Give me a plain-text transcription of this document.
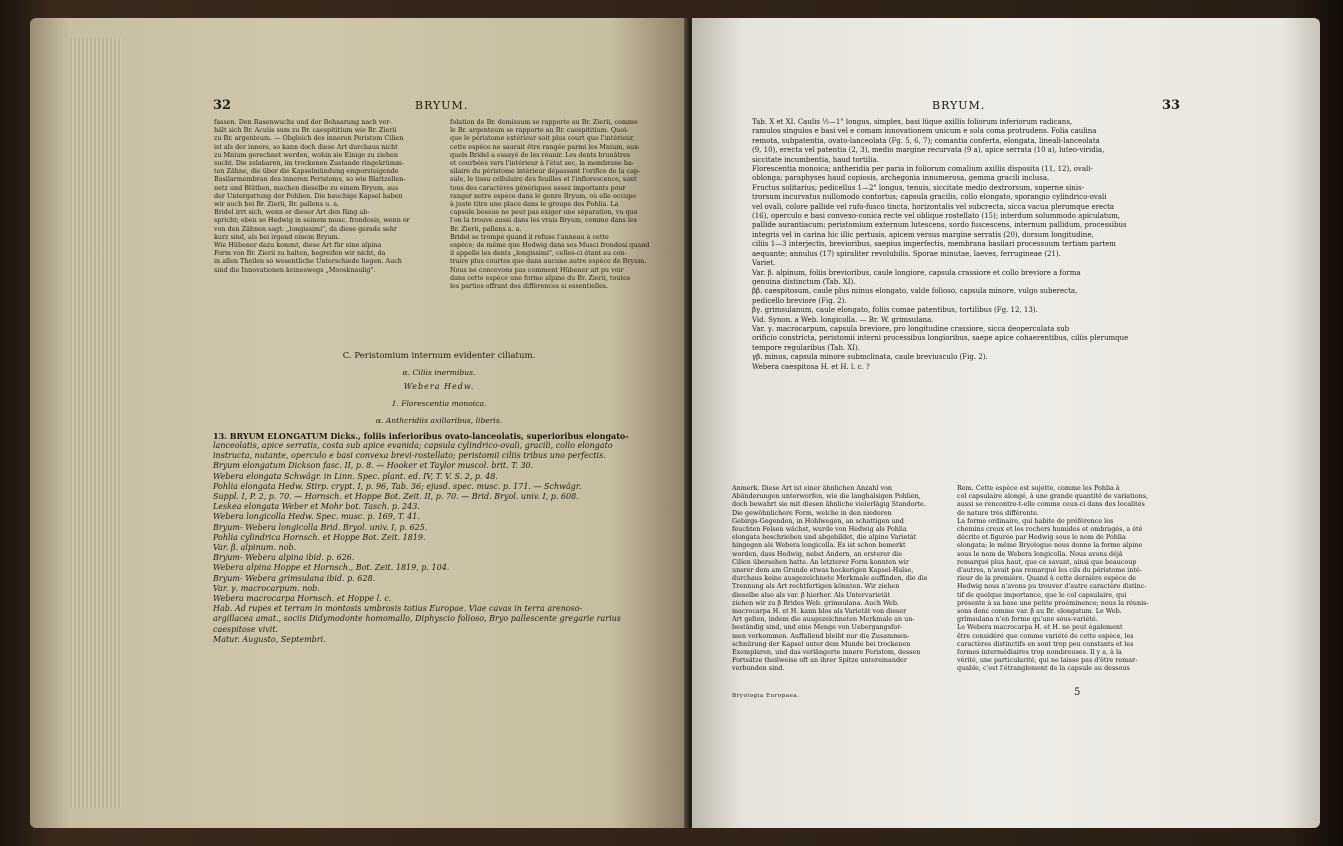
32	BRYUM.

fassen. Den Rasenwuchs und der Behaarung nach ver-

hält sich Br. Acuiis sum zu Br. caespititium wie Br. Zierii

zu Br. argenteum. — Obgleich des inneren Peristom Cilien

ist als der innere, so kann doch diese Art durchaus nicht

zu Mnium gerechnet werden, wohin sie Einige zu ziehen

sucht. Die zelabaren, im trockenen Zustande ringekrümm-

ten Zähne, die über die Kapselmündung emporsteigende

Basilarmembran des inneren Peristoms, so wie Blattzellen-

netz und Blüthen, machen dieselbe zu einem Bryum, aus

der Untergattung der Pohlien. Die bauchige Kapsel haben

wir auch bei Br. Zierii, Br. pallens u. a.

Bridel irrt sich, wenn er dieser Art den Ring ab-

spricht; eben so Hedwig in seinem musc. frondosis, wenn er

von den Zähnen sagt: „longissimi", da diese gerade sehr

kurz sind, als bei irgend einem Bryum.

Wie Hübener dazu kommt, diese Art für eine alpina

Form von Br. Zierii zu halten, begreifen wir nicht, da

in allen Theilen so wesentliche Unterschiede liegen. Auch

sind die Innovationen keineswegs „Moosknaulig".

folation de Br. demissum se rapporte au Br. Zierii, comme

le Br. argenteum se rapporte au Br. caespititium. Quoi-

que le péristome extérieur soit plus court que l'intérieur,

cette espèce ne saurait être rangée parmi les Mnium, aux-

quels Bridel a essayé de les réunir. Les dents brunâtres

et courbées vers l'intérieur à l'état sec, la membrane ba-

silaire du péristome intérieur dépassant l'orifice de la cap-

sule, le tissu cellulaire des feuilles et l'inflorescence, sont

tous des caractères génériques assez importants pour

ranger notre espèce dans le genre Bryum, où elle occupe

à juste titre une place dans le groupe des Pohlia. La

capsule bossue ne peut pas exiger une séparation, vu que

l'on la trouve aussi dans les vrais Bryum, comme dans les

Br. Zierii, pallens a. a.

Bridel se trompe quand il refuse l'anneau à cette

espèce; de même que Hedwig dans ses Musci frondosi quand

il appelle les dents „longissimi", celles-ci étant au con-

traire plus courtes que dans aucune autre espèce de Bryum.

Nous ne concevons pas comment Hübener ait pu voir

dans cette espèce une forme alpine du Br. Zierii, toutes

les parties offrant des différences si essentielles.

C. Peristomium internum evidenter ciliatum.
α. Ciliis inermibus.
Webera Hedw.
1. Florescentia monoica.
α. Anthcridiis axillaribus, liberis.
13. BRYUM ELONGATUM Dicks., foliis inferioribus ovato-lanceolatis, superioribus elongato-

lanceolatis, apice serratis, costa sub apice evanida; capsula cylindrico-ovali, gracili, collo elongato

instructa, nutante, operculo e basi convexa brevi-rostellato; peristomii ciliis tribus uno perfectis.

Bryum elongatum Dickson fasc. II, p. 8. — Hooker et Taylor muscol. brit. T. 30.

Webera elongata Schwägr. in Linn. Spec. plant. ed. IV, T. V. S. 2, p. 48.

Pohlia elongata Hedw. Stirp. crypt. I, p. 96, Tab. 36; ejusd. spec. musc. p. 171. — Schwägr.

Suppl. I, P. 2, p. 70. — Hornsch. et Hoppe Bot. Zeit. II, p. 70. — Brid. Bryol. univ. I, p. 608.

Leskea elongata Weber et Mohr bot. Tasch. p. 243.

Webera longicolla Hedw. Spec. musc. p. 169, T. 41.

Bryum- Webera longicolla Brid. Bryol. univ. I, p. 625.

Pohlia cylindrica Hornsch. et Hoppe Bot. Zeit. 1819.

Var. β. alpinum. nob.

Bryum- Webera alpina ibid. p. 626.

Webera alpina Hoppe et Hornsch., Bot. Zeit. 1819, p. 104.

Bryum- Webera grimsulana ibid. p. 628.

Var. γ. macrocarpum. nob.

Webera macrocarpa Hornsch. et Hoppe l. c.

Hab. Ad rupes et terram in montosis umbrosis totius Europae. Viae cavas in terra arenoso-

argillacea amat., sociis Didymodonte homomallo, Diphyscio folioso, Bryo pallescente gregarie rarius

caespitose vivit.

Matur. Augusto, Septembri.

BRYUM.	33

Tab. X et XI. Caulis ½—1" longus, simplex, basi lüque axillis foliorum inferiorum radicans,

ramulos singulos e basi vel e comam innovationem unicum e sola coma protrudens. Folia caulina

remota, subpatentia, ovato-lanceolata (Fg. 5, 6, 7); comantia conferta, elongata, lineali-lanceolata

(9, 10), erecta vel patentia (2, 3), medio margine recurvata (9 a), apice serrata (10 a), luteo-viridia,

siccitate incumbentia, haud tortilia.

Florescentia monoica; antheridia per paria in foliorum comalium axillis disposita (11, 12), ovali-

oblonga; paraphyses haud copiosis, archegonia innumerosa, gemma gracili inclusa.

Fructus solitarius; pedicellus 1—2" longus, tenuis, siccitate medio dextrorsum, superne sinis-

trorsum incurvatus nullomodo contortus; capsula gracilis, collo elongato, sporangio cylindrico-ovali

vel ovali, colore pallide vel rufo-fusco tincta, horizontalis vel subcrecta, sicca vacua plerumque erecta

(16), operculo e basi convexo-conica recte vel oblique rostellato (15); interdum solummodo apiculatum,

pallide aurantiacum; peristomium externum lutescens, sordo fuscescens, internum pallidum, processibus

integris vel in carina hic illic pertusis, apicem versus margine serratis (20), dorsum longitudine,

ciliis 1—3 interjectis, brevioribus, saepius imperfectis, membrana basilari processuum tertiam partem

aequante; annulus (17) spiraliter revolubilis. Sporae minutae, laeves, ferrugineae (21).

Variet.

Var. β. alpinum, foliis brevioribus, caule longiore, capsula crassiore et collo breviore a forma

genuina distinctum (Tab. XI).

ββ. caespitosum, caule plus minus elongato, valde folioso, capsula minore, vulgo suberecta,

pedicello breviore (Fig. 2).

βγ. grimsulanum, caule elongato, foliis comae patentibus, tortilibus (Fg. 12, 13).

Vid. Synon. a Web. longicolla. — Br. W. grimsulana.

Var. γ. macrocarpum, capsula breviore, pro longitudine crassiore, sicca deoperculata sub

orificio constricta, peristomii interni processibus longioribus, saepe apice cohaerentibus, ciliis plerumque

tempore regularibus (Tab. XI).

γβ. minus, capsula minore submclinata, caule breviusculo (Fig. 2).

Webera caespitosa H. et H. l. c. ?

Anmerk. Diese Art ist einer ähnlichen Anzahl von

Abänderungen unterworfen, wie die langhalsigen Pohlien,

doch bewahrt sie mit diesen ähnliche vielerlägig Standorte.

Die gewöhnlichere Form, welche in den niederen

Gebirgs-Gegenden, in Hohlwegen, an schattigen und

feuchten Felsen wächst, wurde von Hedwig als Pohlia

elongata beschrieben und abgebildet, die alpine Varietät

hingegen als Webera longicolla. Es ist schon bemerkt

worden, dass Hedwig, nebst Andern, an ersterer die

Cilien übersehen hatte. An letzterer Form konnten wir

unsrer dem am Grunde etwas hockerigen Kapsel-Halse,

durchaus keine ausgezeichnete Merkmale auffinden, die die

Trennung als Art rechtfertigen könnten. Wir ziehen

dieselbe also als var. β hierher. Als Untervarietät

ziehen wir zu β Brides Web. grimsulana. Auch Web.

macrocarpa H. et H. kann blos als Varietät von dieser

Art gelten, indem die ausgezeichneten Merkmale an un-

beständig sind, und eine Menge von Uebergangsfor-

men vorkommen. Auffallend bleibt nur die Zusammen-

schnürung der Kapsel unter dem Munde bei trockenen

Exemplaren, und das verlängerte innere Peristom, dessen

Fortsätze theilweise oft an ihrer Spitze untereinander

verbunden sind.

Rem. Cette espèce est sujette, comme les Pohlia à

col capsulaire alongé, à une grande quantité de variations,

aussi se rencontre-t-elle comme ceux-ci dans des localités

de nature très différente.

La forme ordinaire, qui habite de préférence les

chemins creux et les rochers humides et ombragés, a été

décrite et figurée par Hedwig sous le nom de Pohlia

elongata; le même Bryologue nous donne la forme alpine

sous le nom de Webera longicolla. Nous avons déjà

remarqué plus haut, que ce savant, ainsi que beaucoup

d'autres, n'avait pas remarqué les cils du péristome inté-

rieur de la première. Quand à cette dernière espèce de

Hedwig nous n'avons pu trouver d'autre caractère distinc-

tif de quelque importance, que le col capsulaire, qui

présente à sa base une petite proéminence; nous la réunis-

sons donc comme var. β au Br. elongatum. Le Web.

grimsulana n'en forme qu'une sous-variété.

Le Webera macrocarpa H. et H. ne peut également

être considéré que comme variété de cette espèce, les

caractères distinctifs en sont trop peu constants et les

formes intermédiaires trop nombreuses. Il y a, à la

vérité, une particularité, qui ne laisse pas d'être remar-

quable, c'est l'étranglement de la capsule au dessous

Bryologia Europaea.	5
